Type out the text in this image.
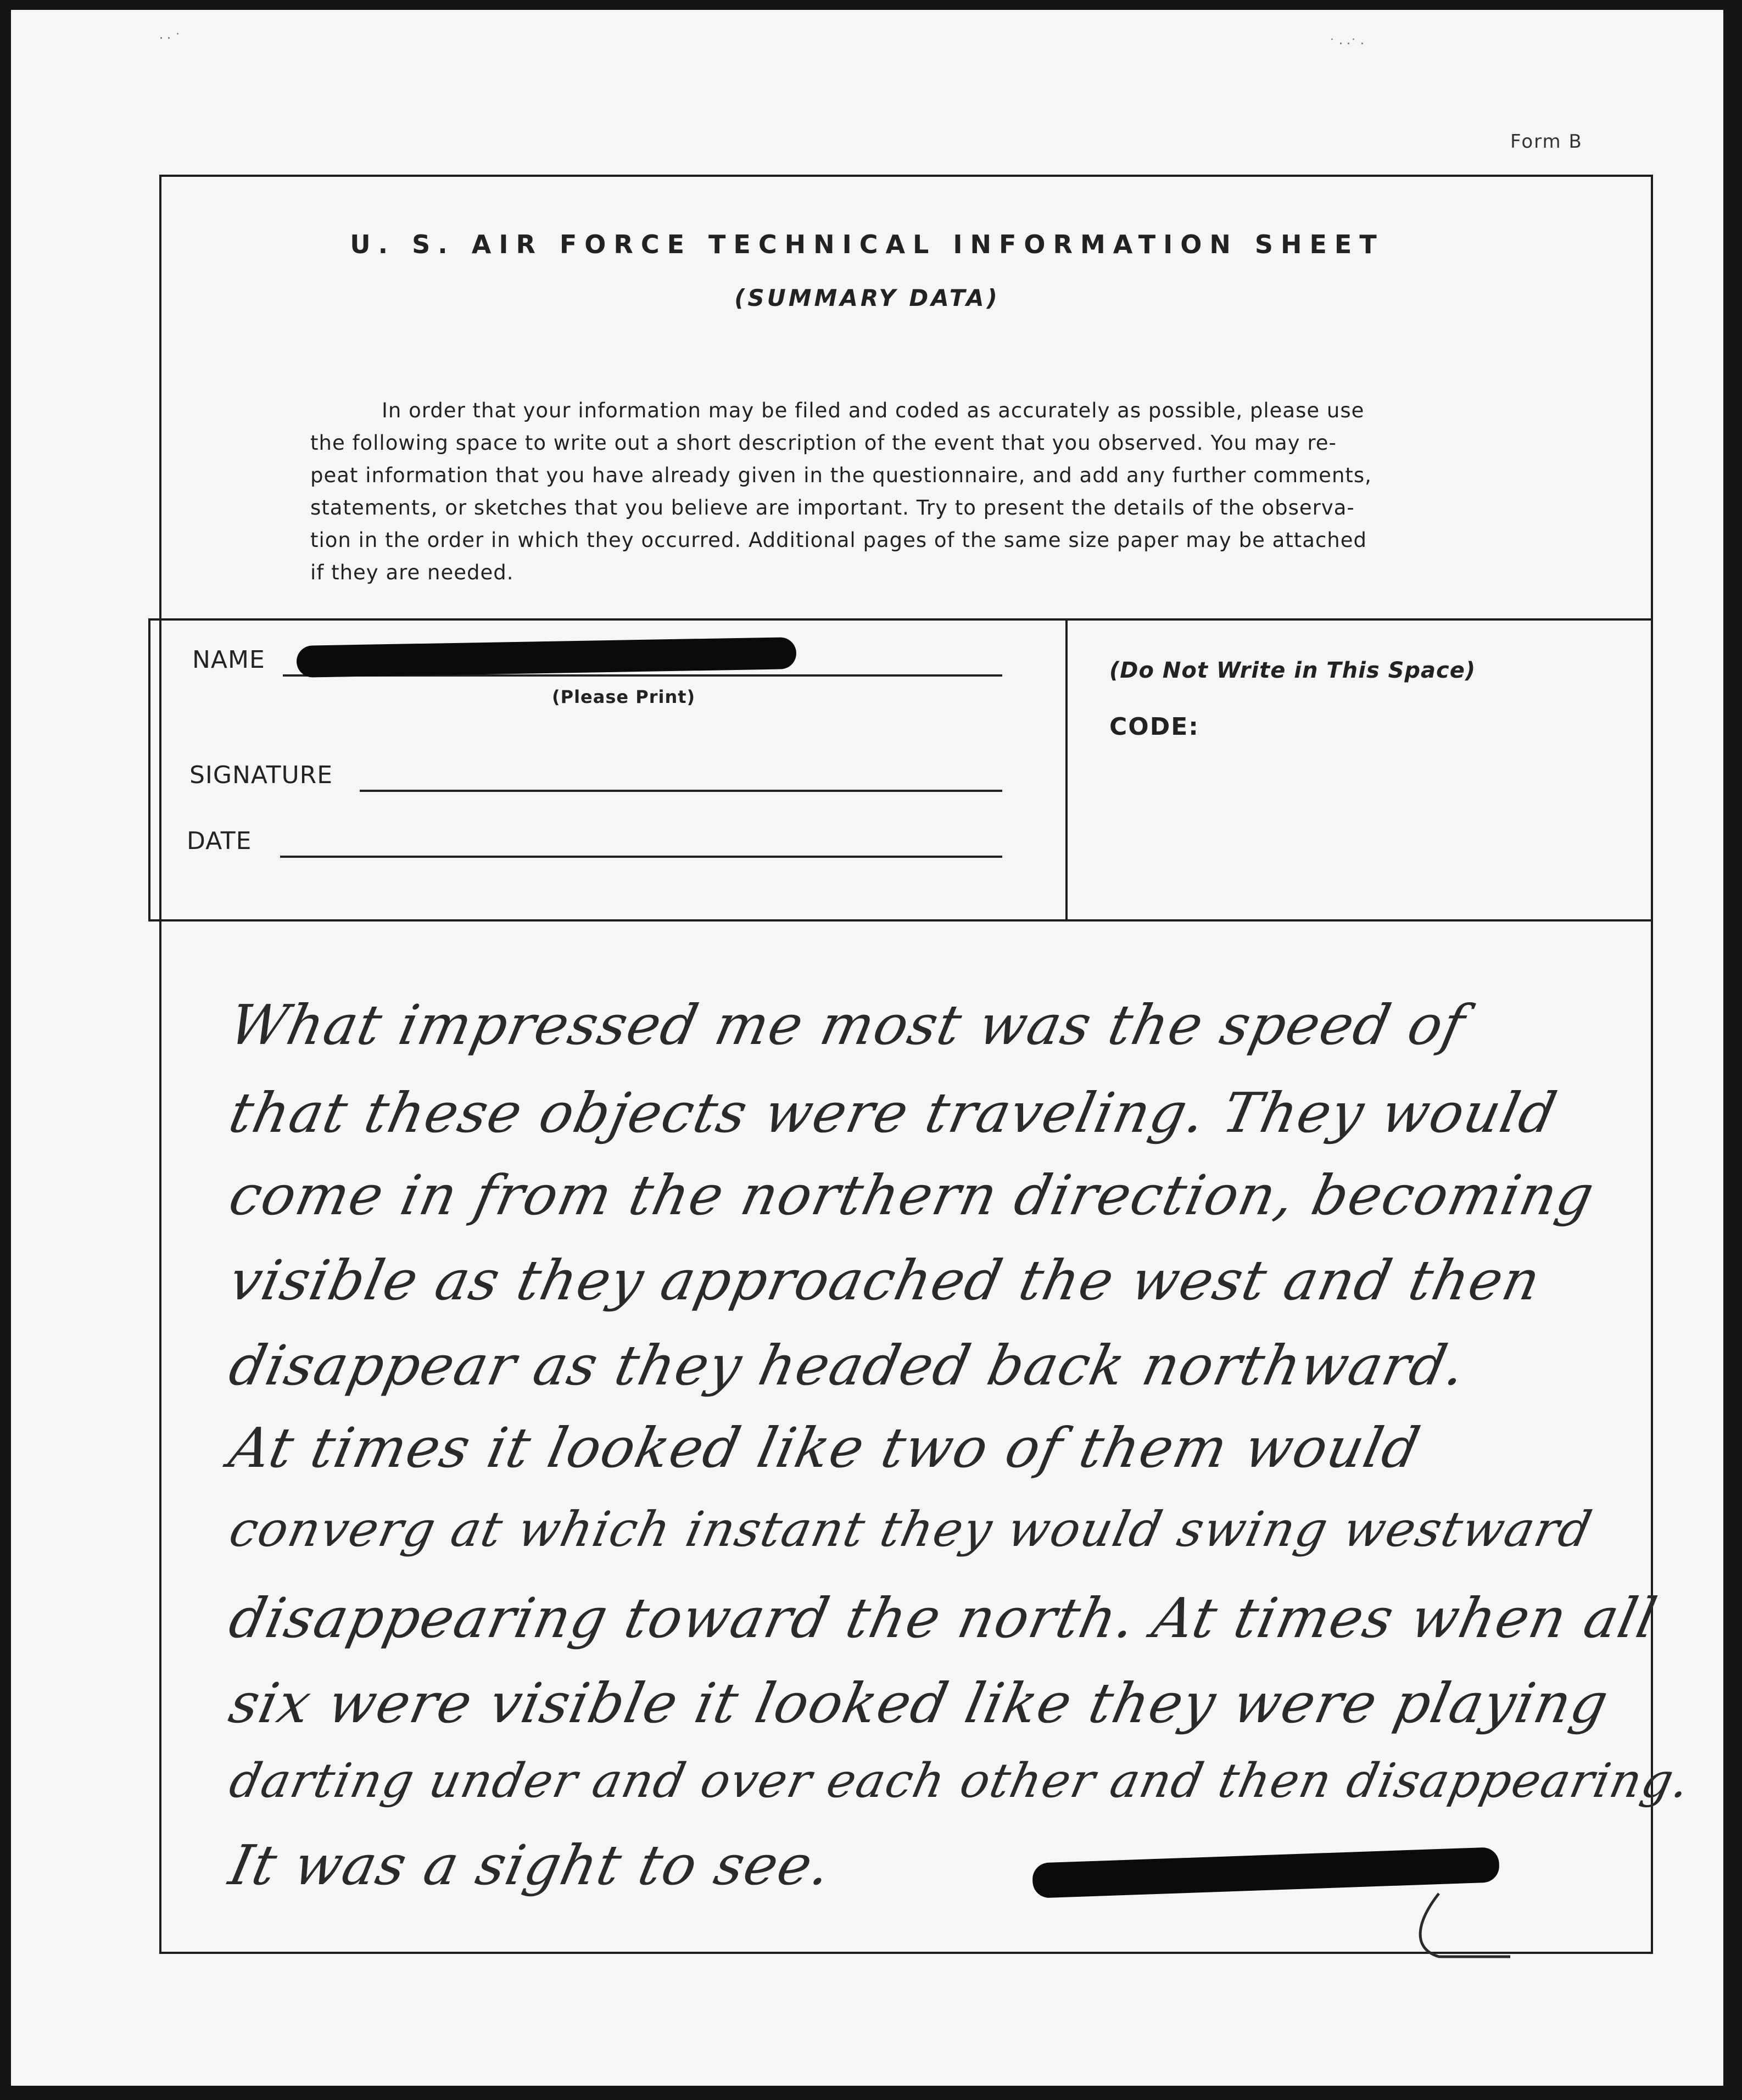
· · ˙	˙ · ·˙ ·
Form B
U. S. AIR FORCE TECHNICAL INFORMATION SHEET
(SUMMARY DATA)
In order that your information may be filed and coded as accurately as possible, please use
the following space to write out a short description of the event that you observed. You may re-
peat information that you have already given in the questionnaire, and add any further comments,
statements, or sketches that you believe are important. Try to present the details of the observa-
tion in the order in which they occurred. Additional pages of the same size paper may be attached
if they are needed.
NAME
(Please Print)
SIGNATURE
DATE
(Do Not Write in This Space)
CODE:
What impressed me most was the speed of
that these objects were traveling. They would
come in from the northern direction, becoming
visible as they approached the west and then
disappear as they headed back northward.
At times it looked like two of them would
converg at which instant they would swing westward
disappearing toward the north. At times when all
six were visible it looked like they were playing
darting under and over each other and then disappearing.
It was a sight to see.
